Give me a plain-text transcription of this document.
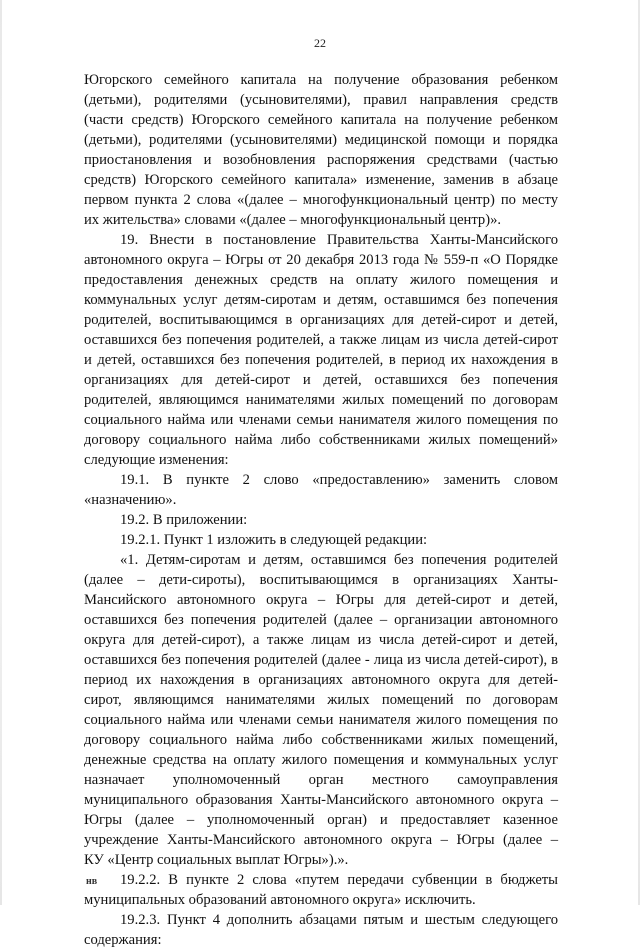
22
Югорского семейного капитала на получение образования ребенком
(детьми), родителями (усыновителями), правил направления средств
(части средств) Югорского семейного капитала на получение ребенком
(детьми), родителями (усыновителями) медицинской помощи и порядка
приостановления и возобновления распоряжения средствами (частью
средств) Югорского семейного капитала» изменение, заменив в абзаце
первом пункта 2 слова «(далее – многофункциональный центр) по месту
их жительства» словами «(далее – многофункциональный центр)».
19. Внести в постановление Правительства Ханты-Мансийского
автономного округа – Югры от 20 декабря 2013 года № 559-п «О Порядке
предоставления денежных средств на оплату жилого помещения и
коммунальных услуг детям-сиротам и детям, оставшимся без попечения
родителей, воспитывающимся в организациях для детей-сирот и детей,
оставшихся без попечения родителей, а также лицам из числа детей-сирот
и детей, оставшихся без попечения родителей, в период их нахождения в
организациях для детей-сирот и детей, оставшихся без попечения
родителей, являющимся нанимателями жилых помещений по договорам
социального найма или членами семьи нанимателя жилого помещения по
договору социального найма либо собственниками жилых помещений»
следующие изменения:
19.1. В пункте 2 слово «предоставлению» заменить словом
«назначению».
19.2. В приложении:
19.2.1. Пункт 1 изложить в следующей редакции:
«1. Детям-сиротам и детям, оставшимся без попечения родителей
(далее – дети-сироты), воспитывающимся в организациях Ханты-
Мансийского автономного округа – Югры для детей-сирот и детей,
оставшихся без попечения родителей (далее – организации автономного
округа для детей-сирот), а также лицам из числа детей-сирот и детей,
оставшихся без попечения родителей (далее - лица из числа детей-сирот), в
период их нахождения в организациях автономного округа для детей-
сирот, являющимся нанимателями жилых помещений по договорам
социального найма или членами семьи нанимателя жилого помещения по
договору социального найма либо собственниками жилых помещений,
денежные средства на оплату жилого помещения и коммунальных услуг
назначает уполномоченный орган местного самоуправления
муниципального образования Ханты-Мансийского автономного округа –
Югры (далее – уполномоченный орган) и предоставляет казенное
учреждение Ханты-Мансийского автономного округа – Югры (далее –
КУ «Центр социальных выплат Югры»).».
19.2.2. В пункте 2 слова «путем передачи субвенции в бюджеты
муниципальных образований автономного округа» исключить.
19.2.3. Пункт 4 дополнить абзацами пятым и шестым следующего
содержания:
нв
